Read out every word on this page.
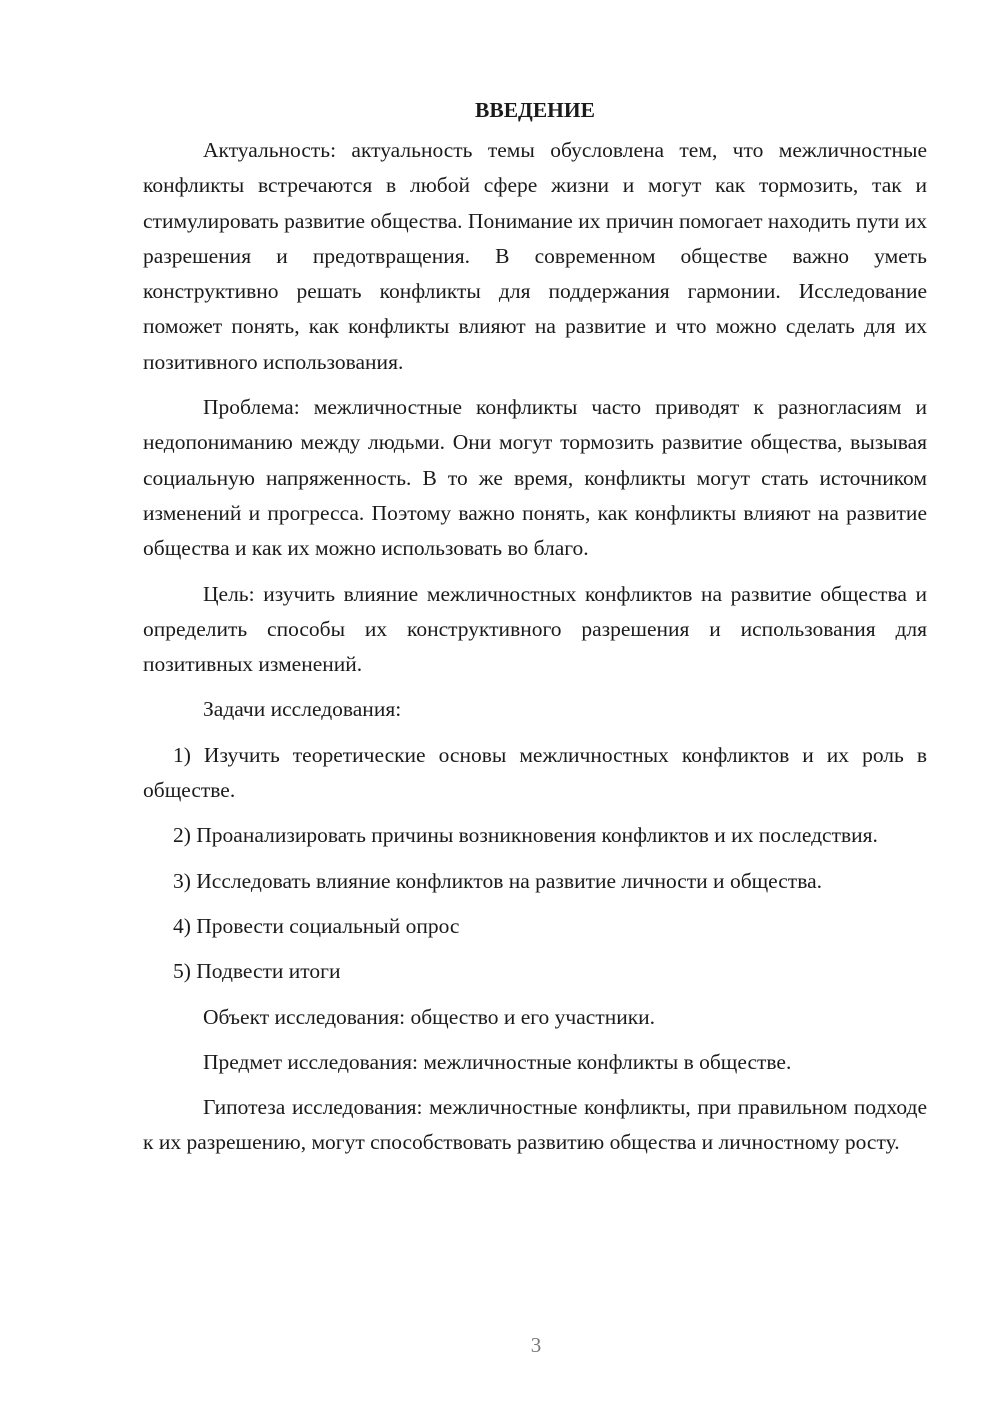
ВВЕДЕНИЕ

Актуальность: актуальность темы обусловлена тем, что межличностные конфликты встречаются в любой сфере жизни и могут как тормозить, так и стимулировать развитие общества. Понимание их причин помогает находить пути их разрешения и предотвращения. В современном обществе важно уметь конструктивно решать конфликты для поддержания гармонии. Исследование поможет понять, как конфликты влияют на развитие и что можно сделать для их позитивного использования.

Проблема: межличностные конфликты часто приводят к разногласиям и недопониманию между людьми. Они могут тормозить развитие общества, вызывая социальную напряженность. В то же время, конфликты могут стать источником изменений и прогресса. Поэтому важно понять, как конфликты влияют на развитие общества и как их можно использовать во благо.

Цель: изучить влияние межличностных конфликтов на развитие общества и определить способы их конструктивного разрешения и использования для позитивных изменений.

Задачи исследования:

1) Изучить теоретические основы межличностных конфликтов и их роль в обществе.

2) Проанализировать причины возникновения конфликтов и их последствия.

3) Исследовать влияние конфликтов на развитие личности и общества.

4) Провести социальный опрос

5) Подвести итоги

Объект исследования: общество и его участники.

Предмет исследования: межличностные конфликты в обществе.

Гипотеза исследования: межличностные конфликты, при правильном подходе к их разрешению, могут способствовать развитию общества и личностному росту.

3
